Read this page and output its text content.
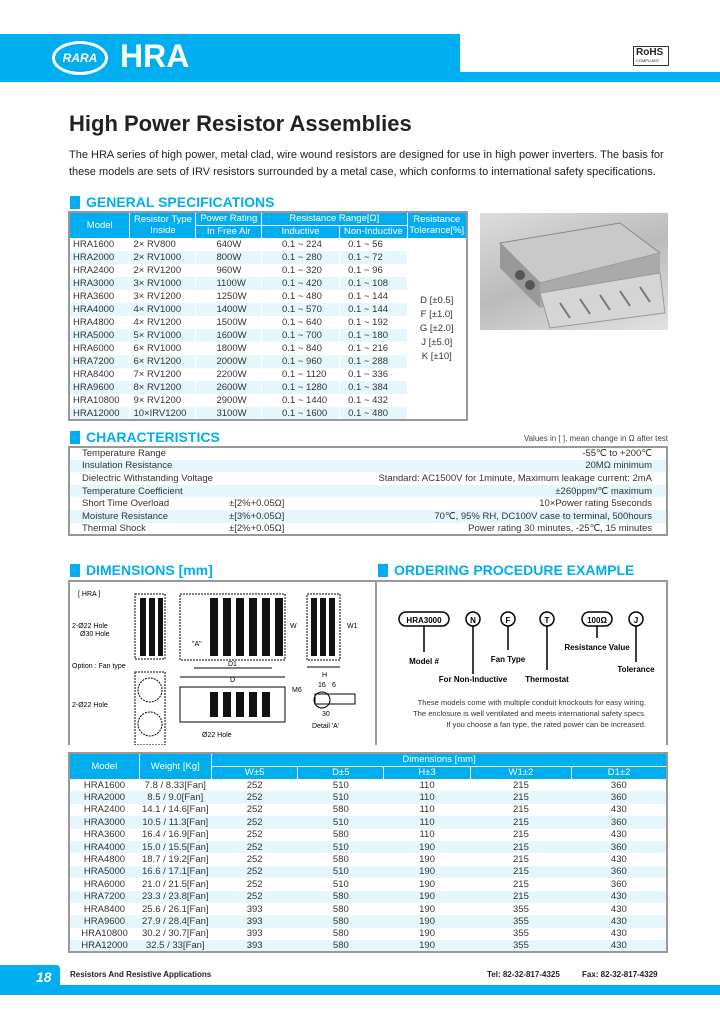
RARA HRA	RoHS
COMPLIANT
High Power Resistor Assemblies
The HRA series of high power, metal clad, wire wound resistors are designed for use in high power inverters. The basis for these models are sets of IRV resistors surrounded by a metal case, which conforms to international safety specifications.
GENERAL SPECIFICATIONS
Model	Resistor Type Inside	Power Rating	Resistance Range[Ω]		Resistance Tolerance[%]
		In Free Air	Inductive	Non-Inductive	
HRA1600	2× RV800	640W	0.1 ~ 224	0.1 ~ 56	D [±0.5]
F [±1.0]
G [±2.0]
J [±5.0]
K [±10]

HRA2000	2× RV1000	800W	0.1 ~ 280	0.1 ~ 72	
HRA2400	2× RV1200	960W	0.1 ~ 320	0.1 ~ 96	
HRA3000	3× RV1000	1100W	0.1 ~ 420	0.1 ~ 108	
HRA3600	3× RV1200	1250W	0.1 ~ 480	0.1 ~ 144	
HRA4000	4× RV1000	1400W	0.1 ~ 570	0.1 ~ 144	
HRA4800	4× RV1200	1500W	0.1 ~ 640	0.1 ~ 192	
HRA5000	5× RV1000	1600W	0.1 ~ 700	0.1 ~ 180	
HRA6000	6× RV1000	1800W	0.1 ~ 840	0.1 ~ 216	
HRA7200	6× RV1200	2000W	0.1 ~ 960	0.1 ~ 288	
HRA8400	7× RV1200	2200W	0.1 ~ 1120	0.1 ~ 336	
HRA9600	8× RV1200	2600W	0.1 ~ 1280	0.1 ~ 384	
HRA10800	9× RV1200	2900W	0.1 ~ 1440	0.1 ~ 432	
HRA12000	10×IRV1200	3100W	0.1 ~ 1600	0.1 ~ 480	
CHARACTERISTICS	Values in [ ], mean change in Ω after test
Temperature Range		-55℃ to +200℃
Insulation Resistance		20MΩ minimum
Dielectric Withstanding Voltage		Standard: AC1500V for 1minute, Maximum leakage current: 2mA
Temperature Coefficient		±260ppm/℃ maximum
Short Time Overload	±[2%+0.05Ω]	10×Power rating 5seconds
Moisture Resistance	±[3%+0.05Ω]	70℃, 95% RH, DC100V case to terminal, 500hours
Thermal Shock	±[2%+0.05Ω]	Power rating 30 minutes, -25℃, 15 minutes
DIMENSIONS [mm]	ORDERING PROCEDURE EXAMPLE
[ HRA ]
2-Ø22 Hole
Ø30 Hole
D1
D
W
"A"
W1
H
Option : Fan type
2-Ø22 Hole
Ø22 Hole
M6
16 6
30
Detail 'A'
HRA3000	N	F	T	100Ω	J
Model #
For Non-Inductive
Fan Type
Thermostat
Resistance Value
Tolerance
These models come with multiple conduit knockouts for easy wiring.
The enclosure is well ventilated and meets international safety specs.
If you choose a fan type, the rated power can be increased.
Model	Weight [Kg]	Dimensions [mm]				
		W±5	D±5	H±3	W1±2	D1±2
HRA1600	7.8 / 8.33[Fan]	252	510	110	215	360
HRA2000	8.5 / 9.0[Fan]	252	510	110	215	360
HRA2400	14.1 / 14.6[Fan]	252	580	110	215	430
HRA3000	10.5 / 11.3[Fan]	252	510	110	215	360
HRA3600	16.4 / 16.9[Fan]	252	580	110	215	430
HRA4000	15.0 / 15.5[Fan]	252	510	190	215	360
HRA4800	18.7 / 19.2[Fan]	252	580	190	215	430
HRA5000	16.6 / 17.1[Fan]	252	510	190	215	360
HRA6000	21.0 / 21.5[Fan]	252	510	190	215	360
HRA7200	23.3 / 23.8[Fan]	252	580	190	215	430
HRA8400	25.6 / 26.1[Fan]	393	580	190	355	430
HRA9600	27.9 / 28.4[Fan]	393	580	190	355	430
HRA10800	30.2 / 30.7[Fan]	393	580	190	355	430
HRA12000	32.5 / 33[Fan]	393	580	190	355	430
18	Resistors And Resistive Applications	Tel: 82-32-817-4325	Fax: 82-32-817-4329
